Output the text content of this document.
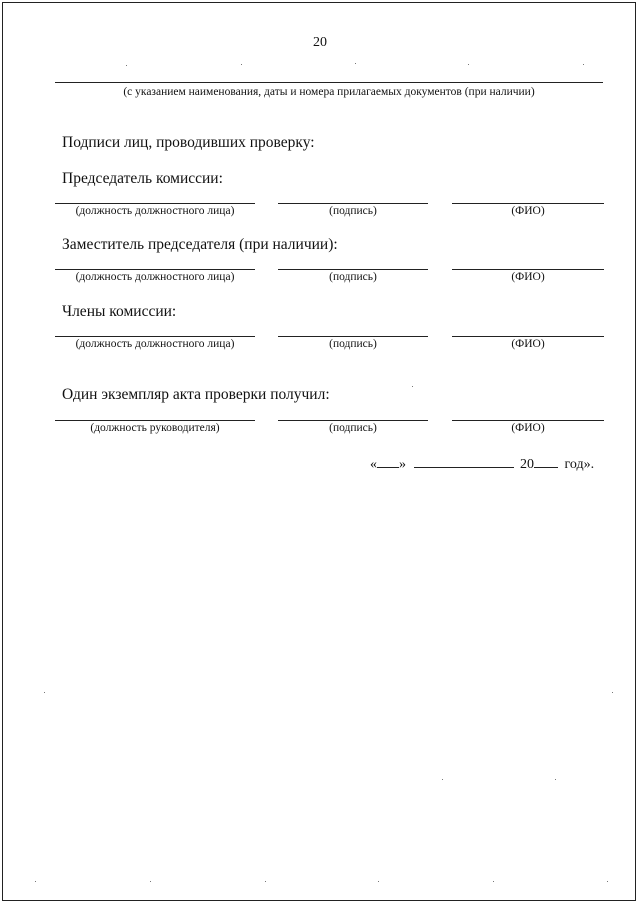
20
(с указанием наименования, даты и номера прилагаемых документов (при наличии)
Подписи лиц, проводивших проверку:
Председатель комиссии:
(должность должностного лица)	(подпись)	(ФИО)
Заместитель председателя (при наличии):
(должность должностного лица)	(подпись)	(ФИО)
Члены комиссии:
(должность должностного лица)	(подпись)	(ФИО)
Один экземпляр акта проверки получил:
(должность руководителя)	(подпись)	(ФИО)
« »	20 год».
